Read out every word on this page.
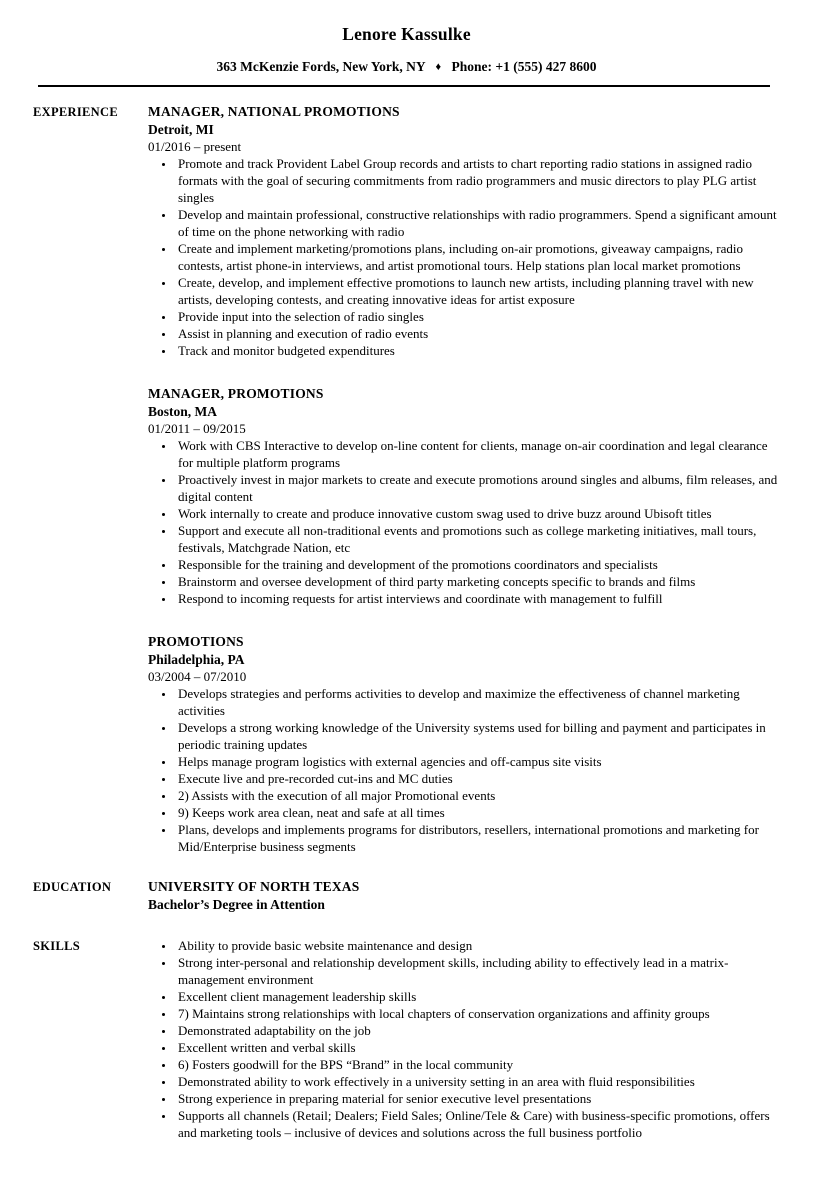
Lenore Kassulke
363 McKenzie Fords, New York, NY ♦ Phone: +1 (555) 427 8600
EXPERIENCE	MANAGER, NATIONAL PROMOTIONS
Detroit, MI
01/2016 – present
• Promote and track Provident Label Group records and artists to chart reporting radio stations in assigned radio formats with the goal of securing commitments from radio programmers and music directors to play PLG artist singles
• Develop and maintain professional, constructive relationships with radio programmers. Spend a significant amount of time on the phone networking with radio
• Create and implement marketing/promotions plans, including on-air promotions, giveaway campaigns, radio contests, artist phone-in interviews, and artist promotional tours. Help stations plan local market promotions
• Create, develop, and implement effective promotions to launch new artists, including planning travel with new artists, developing contests, and creating innovative ideas for artist exposure
• Provide input into the selection of radio singles
• Assist in planning and execution of radio events
• Track and monitor budgeted expenditures
MANAGER, PROMOTIONS
Boston, MA
01/2011 – 09/2015
• Work with CBS Interactive to develop on-line content for clients, manage on-air coordination and legal clearance for multiple platform programs
• Proactively invest in major markets to create and execute promotions around singles and albums, film releases, and digital content
• Work internally to create and produce innovative custom swag used to drive buzz around Ubisoft titles
• Support and execute all non-traditional events and promotions such as college marketing initiatives, mall tours, festivals, Matchgrade Nation, etc
• Responsible for the training and development of the promotions coordinators and specialists
• Brainstorm and oversee development of third party marketing concepts specific to brands and films
• Respond to incoming requests for artist interviews and coordinate with management to fulfill
PROMOTIONS
Philadelphia, PA
03/2004 – 07/2010
• Develops strategies and performs activities to develop and maximize the effectiveness of channel marketing activities
• Develops a strong working knowledge of the University systems used for billing and payment and participates in periodic training updates
• Helps manage program logistics with external agencies and off-campus site visits
• Execute live and pre-recorded cut-ins and MC duties
• 2) Assists with the execution of all major Promotional events
• 9) Keeps work area clean, neat and safe at all times
• Plans, develops and implements programs for distributors, resellers, international promotions and marketing for Mid/Enterprise business segments
EDUCATION	UNIVERSITY OF NORTH TEXAS
Bachelor’s Degree in Attention
SKILLS	• Ability to provide basic website maintenance and design
• Strong inter-personal and relationship development skills, including ability to effectively lead in a matrix-management environment
• Excellent client management leadership skills
• 7) Maintains strong relationships with local chapters of conservation organizations and affinity groups
• Demonstrated adaptability on the job
• Excellent written and verbal skills
• 6) Fosters goodwill for the BPS “Brand” in the local community
• Demonstrated ability to work effectively in a university setting in an area with fluid responsibilities
• Strong experience in preparing material for senior executive level presentations
• Supports all channels (Retail; Dealers; Field Sales; Online/Tele & Care) with business-specific promotions, offers and marketing tools – inclusive of devices and solutions across the full business portfolio
